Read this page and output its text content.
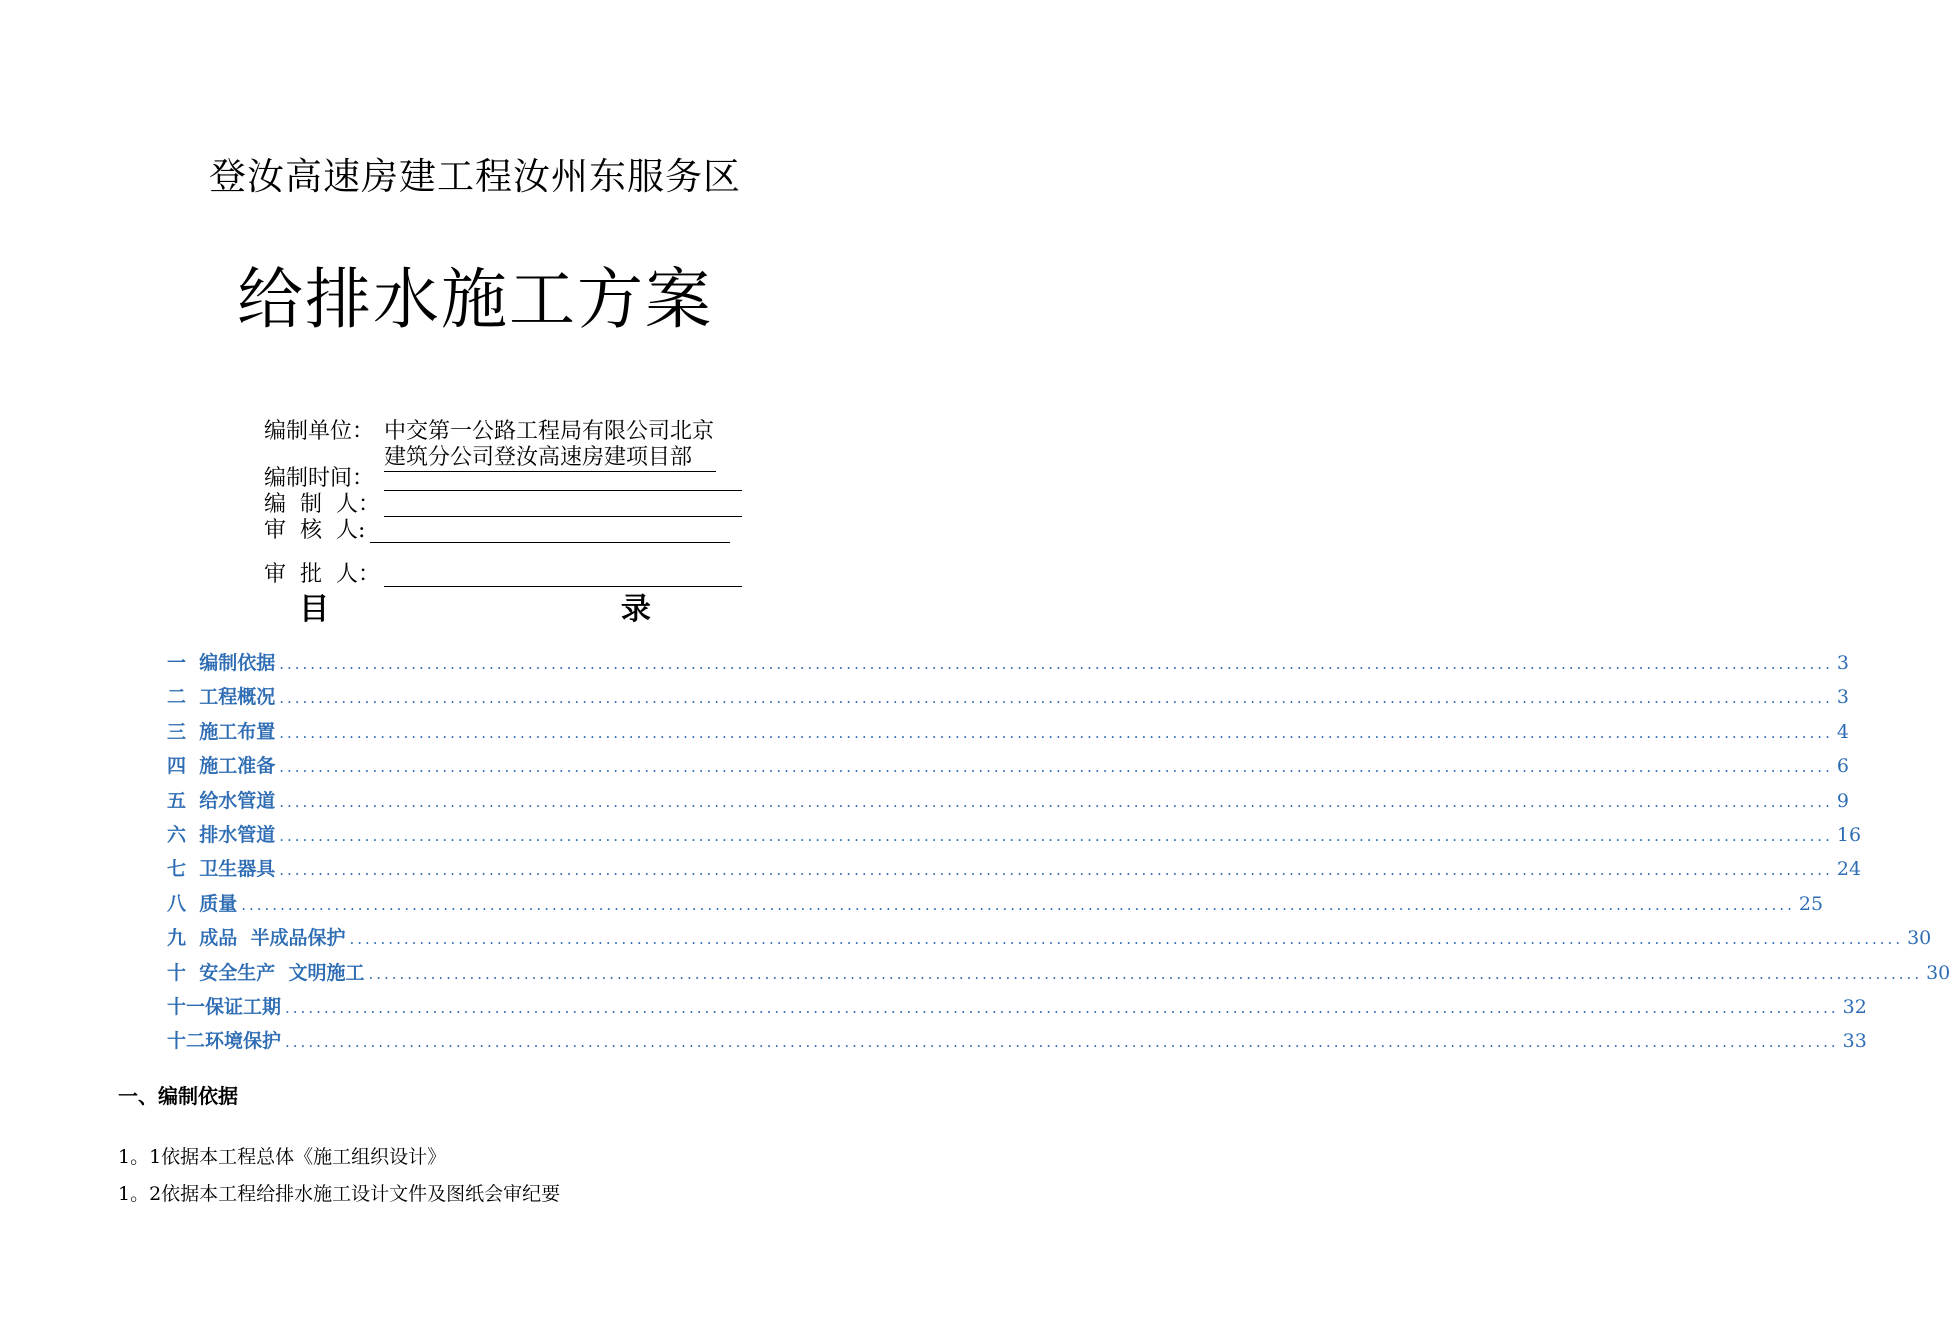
登汝高速房建工程汝州东服务区
给排水施工方案
编制单位： 中交第一公路工程局有限公司北京
建筑分公司登汝高速房建项目部
编制时间：
编  制  人：
审  核  人:
审  批  人：
目    录
一  编制依据 ........................................................................................................................................................................................................ 3
二  工程概况 ........................................................................................................................................................................................................ 3
三  施工布置 ........................................................................................................................................................................................................ 4
四  施工准备 ........................................................................................................................................................................................................ 6
五  给水管道 ........................................................................................................................................................................................................ 9
六  排水管道 ........................................................................................................................................................................................................ 16
七  卫生器具 ........................................................................................................................................................................................................ 24
八  质量 ........................................................................................................................................................................................................ 25
九  成品  半成品保护 ........................................................................................................................................................................................................ 30
十  安全生产  文明施工 ........................................................................................................................................................................................................ 30
十一保证工期 ........................................................................................................................................................................................................ 32
十二环境保护 ........................................................................................................................................................................................................ 33
一、编制依据
1。1依据本工程总体《施工组织设计》
1。2依据本工程给排水施工设计文件及图纸会审纪要
